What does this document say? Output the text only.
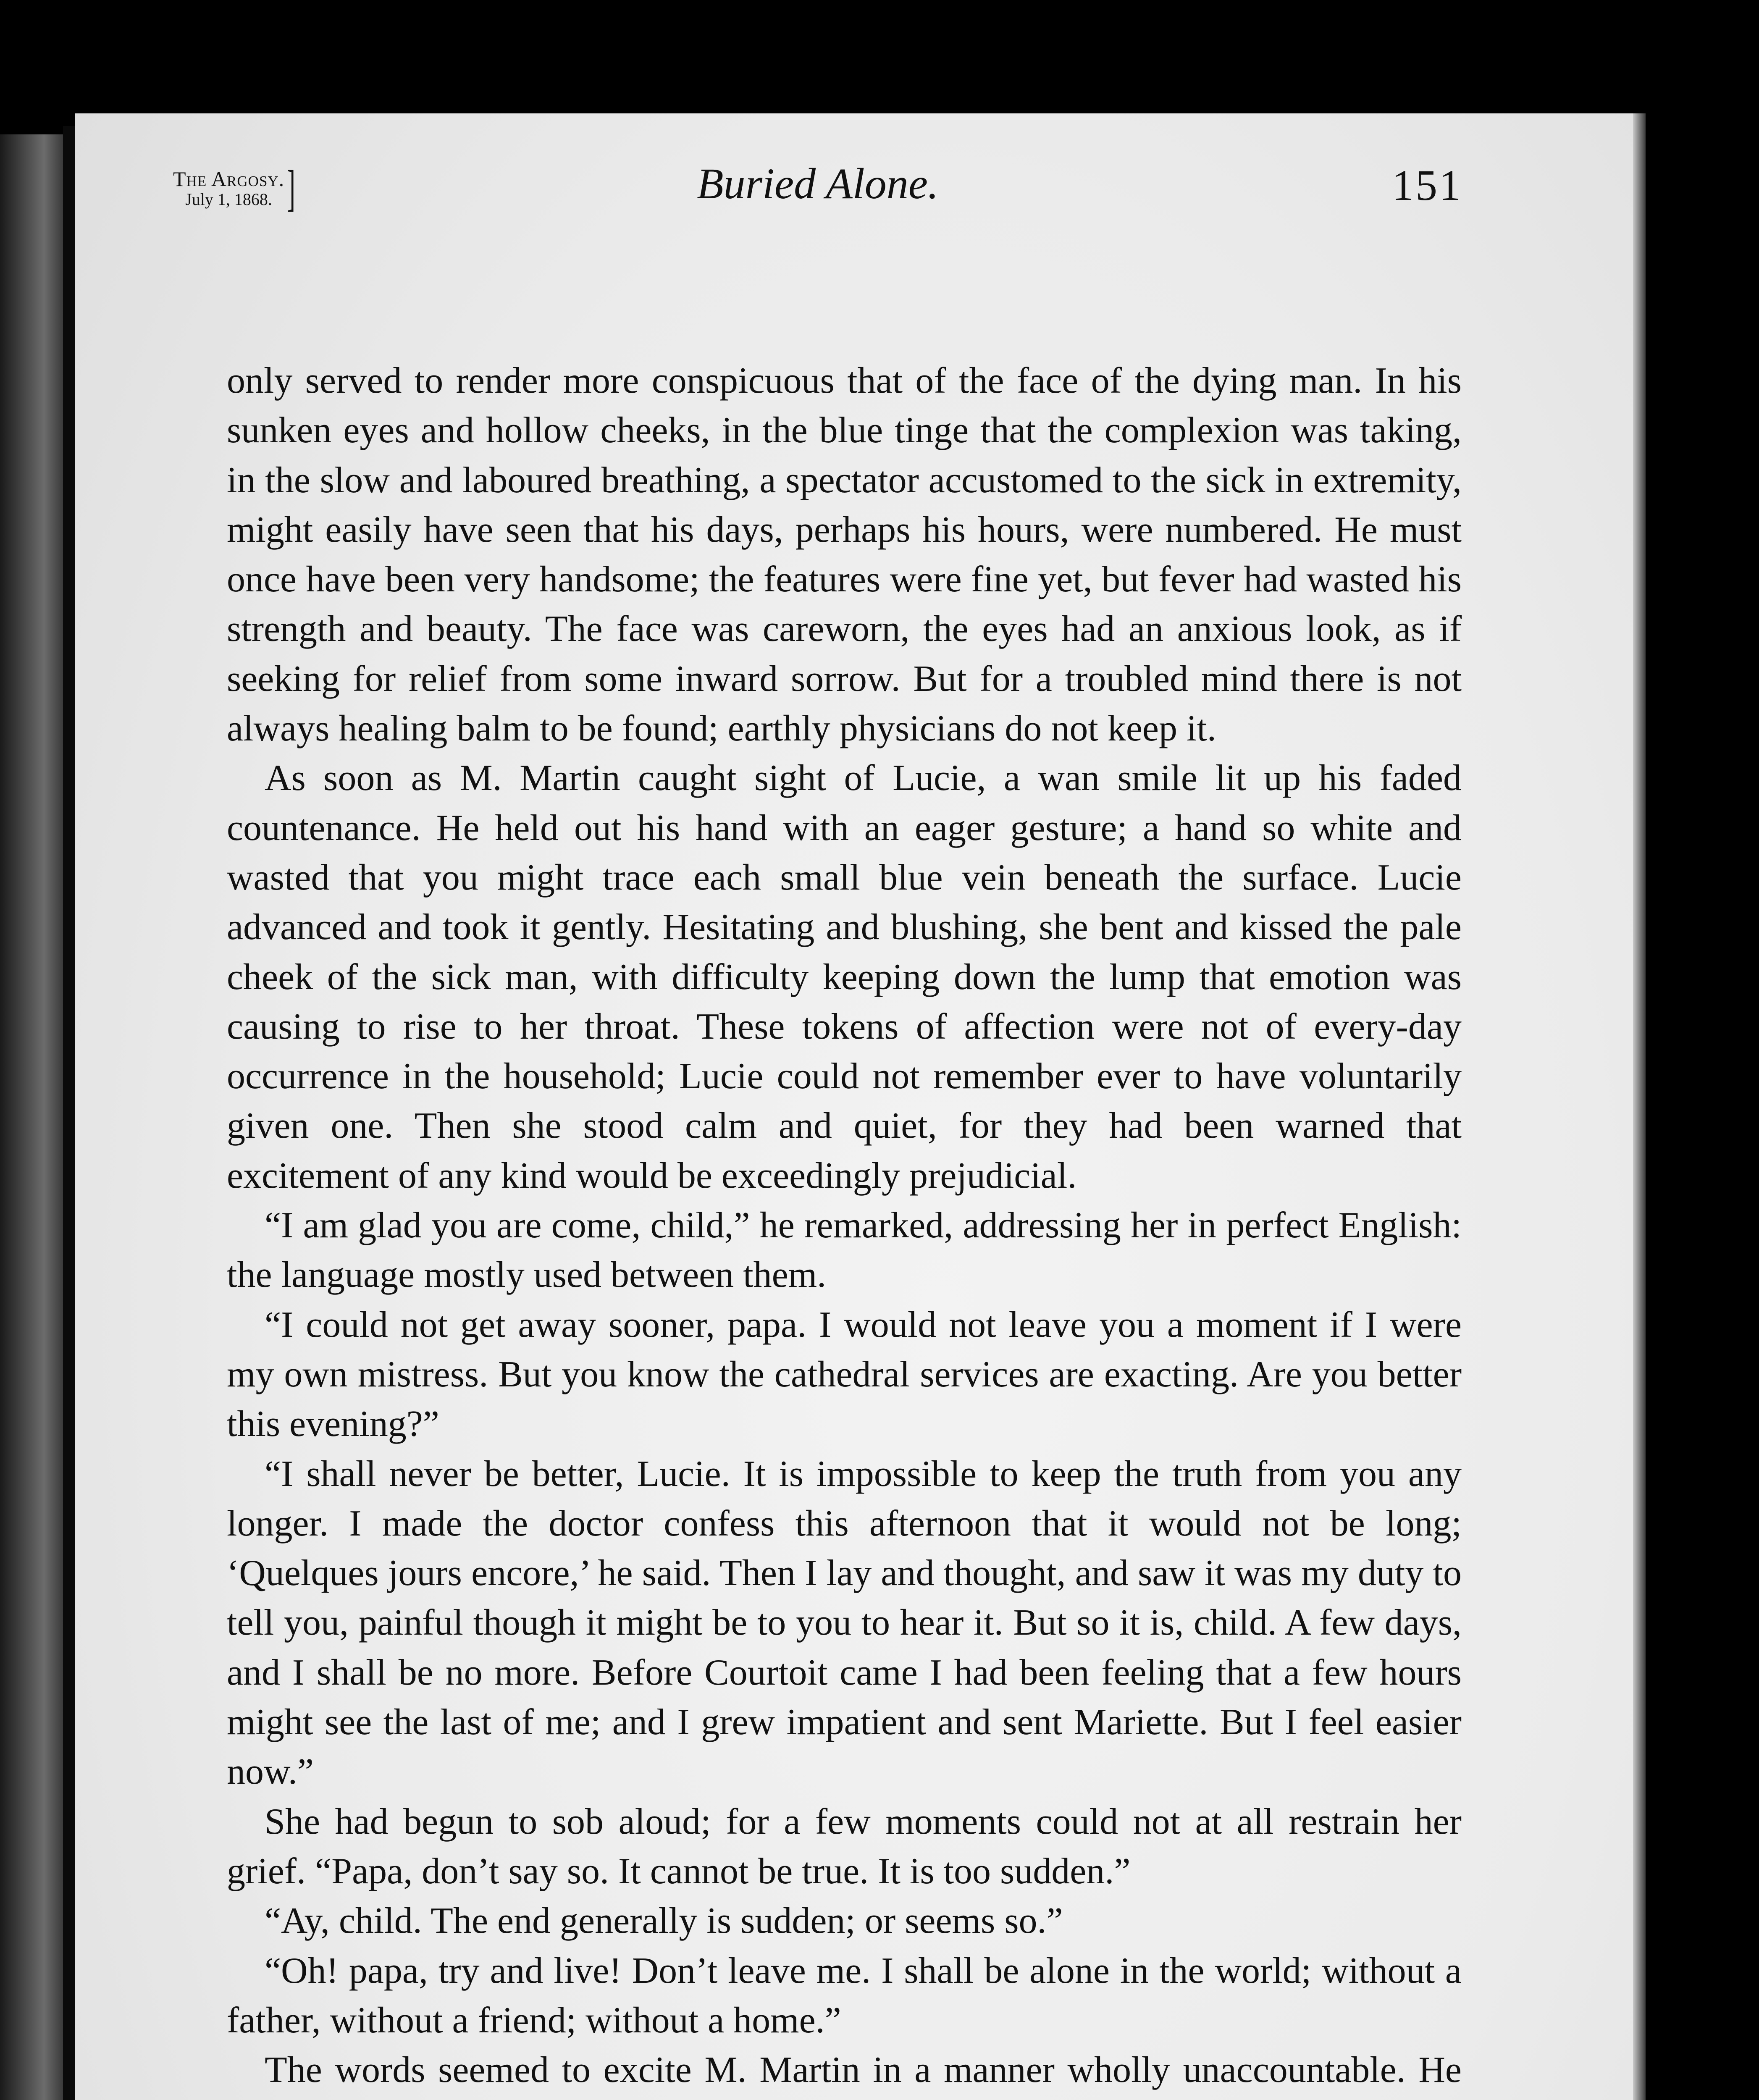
The Argosy.
July 1, 1868. ]	Buried Alone.	151

only served to render more conspicuous that of the face of the dying man. In his sunken eyes and hollow cheeks, in the blue tinge that the complexion was taking, in the slow and laboured breathing, a spectator accustomed to the sick in extremity, might easily have seen that his days, perhaps his hours, were numbered. He must once have been very handsome; the features were fine yet, but fever had wasted his strength and beauty. The face was careworn, the eyes had an anxious look, as if seeking for relief from some inward sorrow. But for a troubled mind there is not always healing balm to be found; earthly physicians do not keep it.

As soon as M. Martin caught sight of Lucie, a wan smile lit up his faded countenance. He held out his hand with an eager gesture; a hand so white and wasted that you might trace each small blue vein beneath the surface. Lucie advanced and took it gently. Hesitating and blushing, she bent and kissed the pale cheek of the sick man, with difficulty keeping down the lump that emotion was causing to rise to her throat. These tokens of affection were not of every-day occurrence in the household; Lucie could not remember ever to have voluntarily given one. Then she stood calm and quiet, for they had been warned that excitement of any kind would be exceedingly prejudicial.

“I am glad you are come, child,” he remarked, addressing her in perfect English: the language mostly used between them.

“I could not get away sooner, papa. I would not leave you a moment if I were my own mistress. But you know the cathedral services are exacting. Are you better this evening?”

“I shall never be better, Lucie. It is impossible to keep the truth from you any longer. I made the doctor confess this afternoon that it would not be long; ‘Quelques jours encore,’ he said. Then I lay and thought, and saw it was my duty to tell you, painful though it might be to you to hear it. But so it is, child. A few days, and I shall be no more. Before Courtoit came I had been feeling that a few hours might see the last of me; and I grew impatient and sent Mariette. But I feel easier now.”

She had begun to sob aloud; for a few moments could not at all restrain her grief. “Papa, don’t say so. It cannot be true. It is too sudden.”

“Ay, child. The end generally is sudden; or seems so.”

“Oh! papa, try and live! Don’t leave me. I shall be alone in the world; without a father, without a friend; without a home.”

The words seemed to excite M. Martin in a manner wholly unaccountable. He
